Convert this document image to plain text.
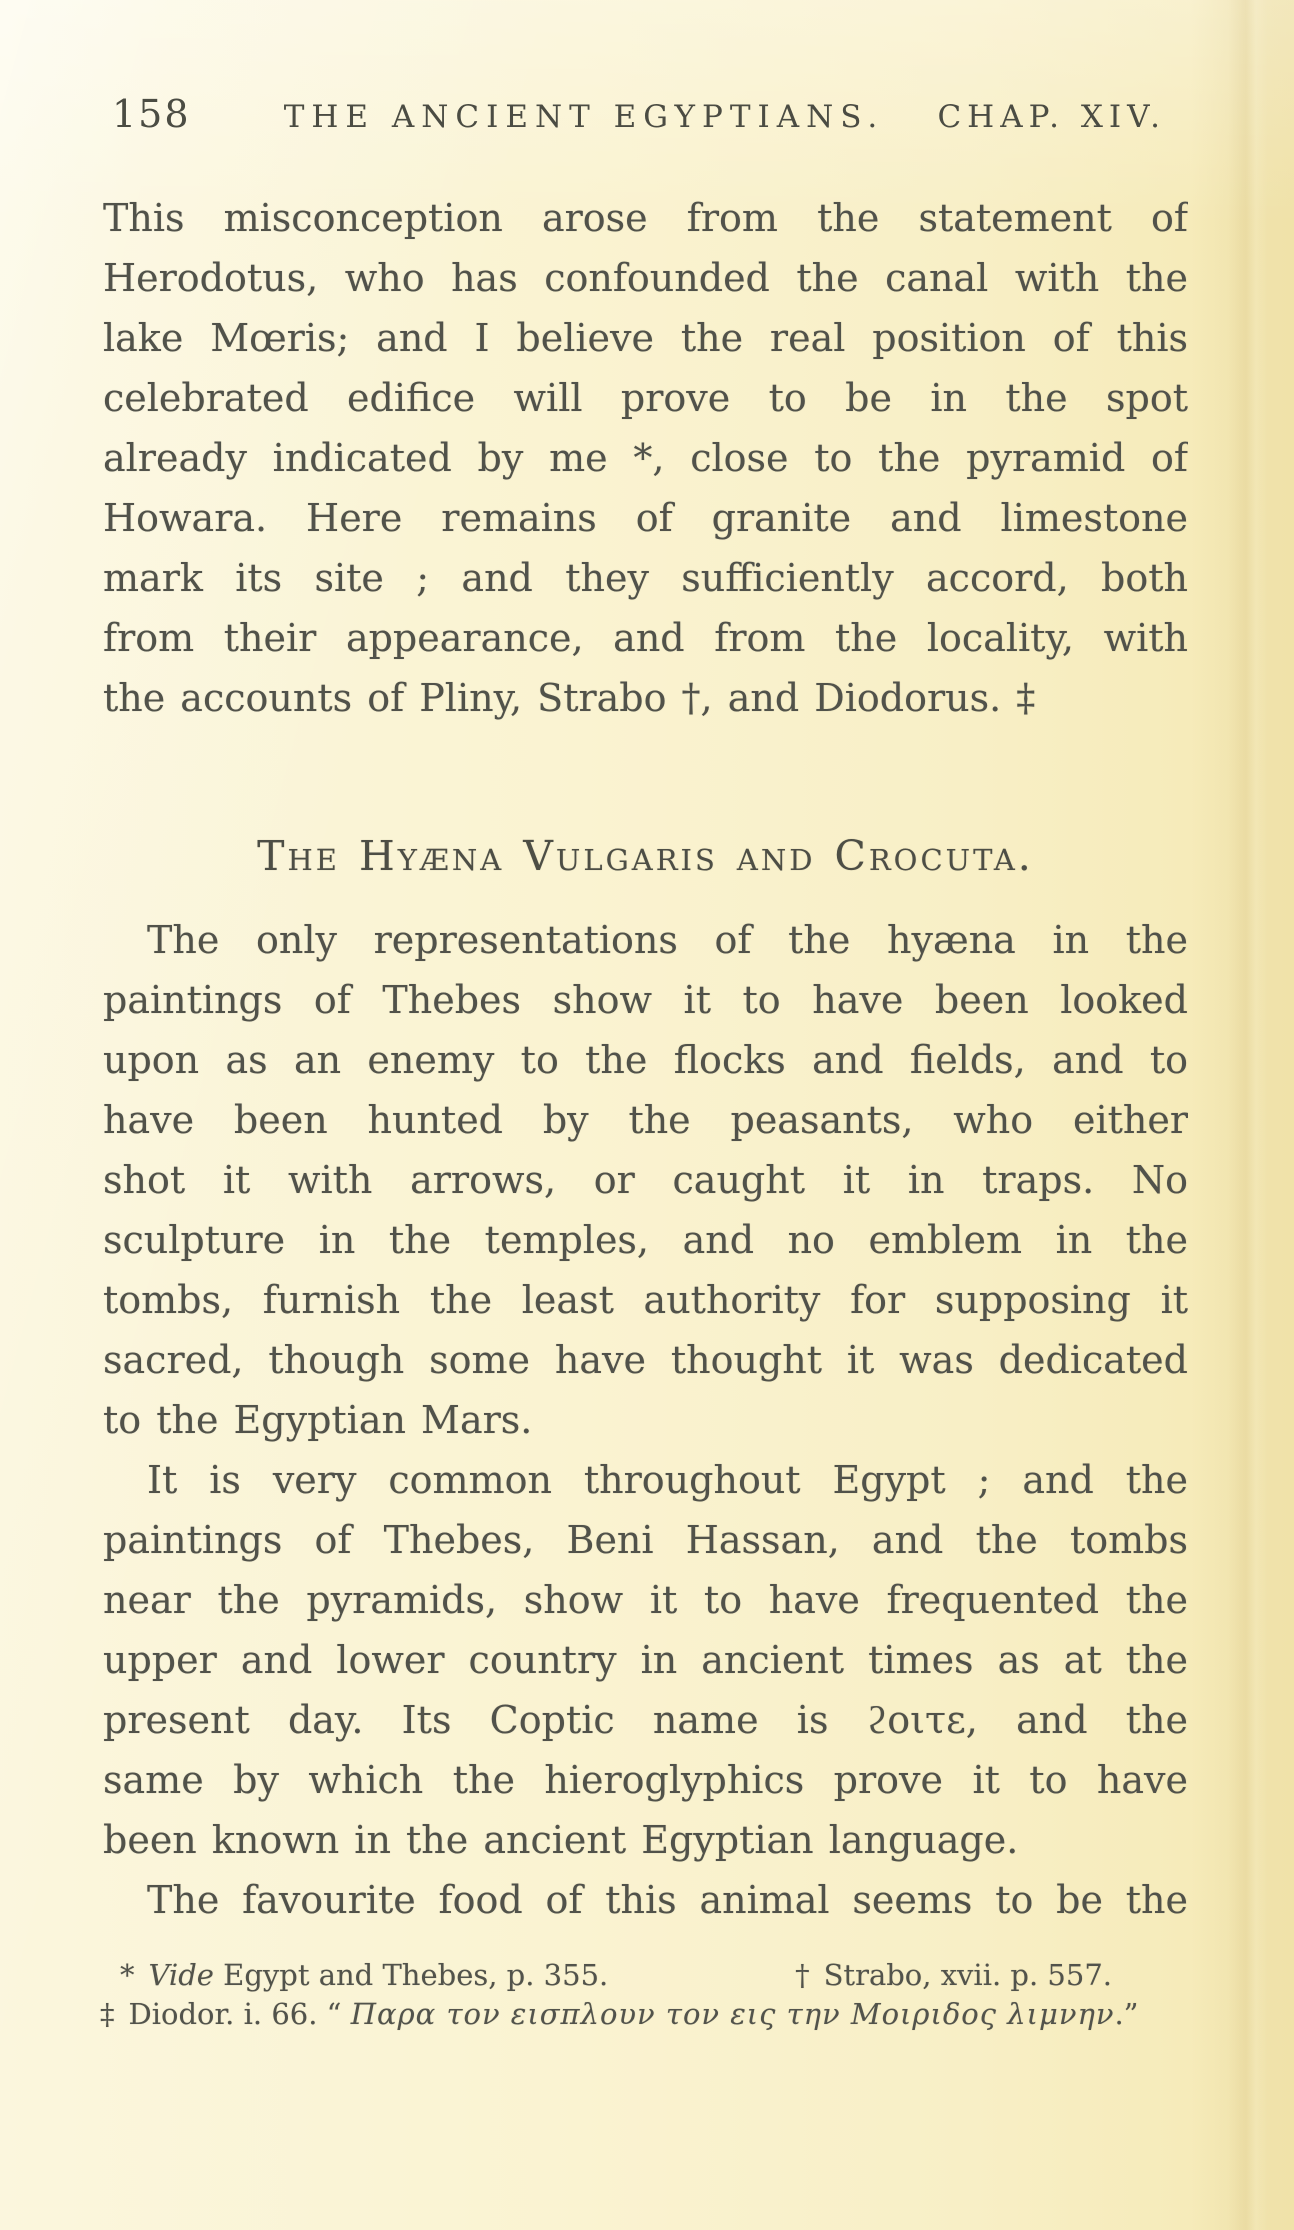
158	THE ANCIENT EGYPTIANS.	CHAP. XIV.
This misconception arose from the statement of
Herodotus, who has confounded the canal with the
lake Mœris; and I believe the real position of this
celebrated edifice will prove to be in the spot
already indicated by me *, close to the pyramid of
Howara. Here remains of granite and limestone
mark its site ; and they sufficiently accord, both
from their appearance, and from the locality, with
the accounts of Pliny, Strabo †, and Diodorus. ‡
The Hyæna Vulgaris and Crocuta.
The only representations of the hyæna in the
paintings of Thebes show it to have been looked
upon as an enemy to the flocks and fields, and to
have been hunted by the peasants, who either
shot it with arrows, or caught it in traps. No
sculpture in the temples, and no emblem in the
tombs, furnish the least authority for supposing it
sacred, though some have thought it was dedicated
to the Egyptian Mars.
It is very common throughout Egypt ; and the
paintings of Thebes, Beni Hassan, and the tombs
near the pyramids, show it to have frequented the
upper and lower country in ancient times as at the
present day. Its Coptic name is ϩοιτε, and the
same by which the hieroglyphics prove it to have
been known in the ancient Egyptian language.
The favourite food of this animal seems to be the
* Vide Egypt and Thebes, p. 355.	† Strabo, xvii. p. 557.
‡ Diodor. i. 66. “ Παρα τον εισπλουν τον εις την Μοιριδος λιμνην.”
